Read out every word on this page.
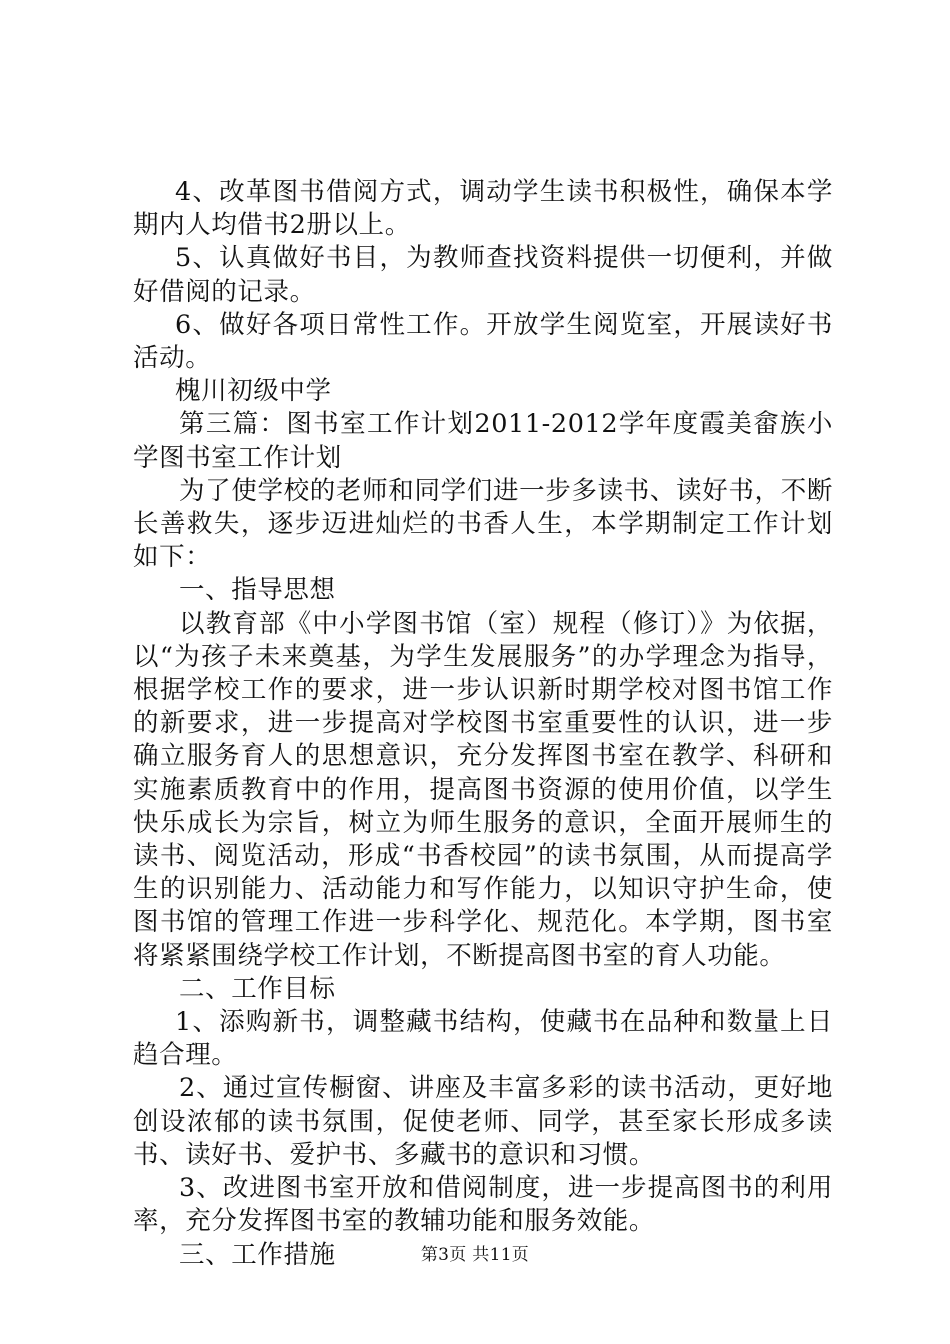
4、改革图书借阅方式，调动学生读书积极性，确保本学期内人均借书2册以上。

5、认真做好书目，为教师查找资料提供一切便利，并做好借阅的记录。

6、做好各项日常性工作。开放学生阅览室，开展读好书活动。

槐川初级中学

第三篇：图书室工作计划2011-2012学年度霞美畲族小学图书室工作计划

为了使学校的老师和同学们进一步多读书、读好书，不断长善救失，逐步迈进灿烂的书香人生，本学期制定工作计划如下：

一、指导思想

以教育部《中小学图书馆（室）规程（修订）》为依据，以“为孩子未来奠基，为学生发展服务”的办学理念为指导，根据学校工作的要求，进一步认识新时期学校对图书馆工作的新要求，进一步提高对学校图书室重要性的认识，进一步确立服务育人的思想意识，充分发挥图书室在教学、科研和实施素质教育中的作用，提高图书资源的使用价值，以学生快乐成长为宗旨，树立为师生服务的意识，全面开展师生的读书、阅览活动，形成“书香校园”的读书氛围，从而提高学生的识别能力、活动能力和写作能力，以知识守护生命，使图书馆的管理工作进一步科学化、规范化。本学期，图书室将紧紧围绕学校工作计划，不断提高图书室的育人功能。

二、工作目标

1、添购新书，调整藏书结构，使藏书在品种和数量上日趋合理。

2、通过宣传橱窗、讲座及丰富多彩的读书活动，更好地创设浓郁的读书氛围，促使老师、同学，甚至家长形成多读书、读好书、爱护书、多藏书的意识和习惯。

3、改进图书室开放和借阅制度，进一步提高图书的利用率，充分发挥图书室的教辅功能和服务效能。

三、工作措施	第3页 共11页
